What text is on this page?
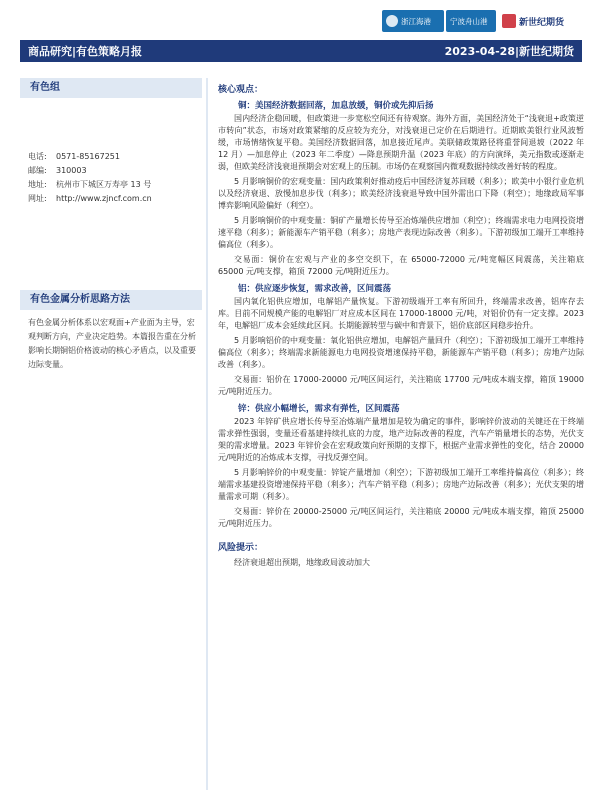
浙江海港	宁波舟山港	新世纪期货
商品研究|有色策略月报	2023-04-28|新世纪期货
有色组
电话:	0571-85167251
邮编:	310003
地址:	杭州市下城区万寿亭 13 号
网址:	http://www.zjncf.com.cn
有色金属分析思路方法

有色金属分析体系以宏观面+产业面为主导，宏观判断方向，产业决定趋势。本篇报告重在分析影响长期铜铝价格波动的核心矛盾点，以及重要边际变量。

核心观点：
铜：美国经济数据回落，加息放缓，铜价或先抑后扬

国内经济企稳回暖，但政策进一步宽松空间还有待观察。海外方面，美国经济处于“浅衰退+政策逆市转向”状态，市场对政策紧缩的反应较为充分，对浅衰退已定价在后期进行。近期欧美银行业风波暂缓，市场情绪恢复平稳。美国经济数据回落，加息接近尾声。美联储政策路径将重誉间退坡（2022 年 12 月）—加息停止（2023 年二季度）—降息预期升温（2023 年底）的方向演绎，美元指数或逐渐走弱，但欧美经济浅衰退预期会对宏观上的压制。市场仍在观察国内微观数据持续改善好转的程度。

5 月影响铜价的宏观变量：国内政策利好推动疫后中国经济复苏回暖（利多）；欧美中小银行业危机以及经济衰退、放慢加息步伐（利多）；欧美经济浅衰退导致中国外需出口下降（利空）；地缘政局军事博弈影响风险偏好（利空）。

5 月影响铜价的中观变量：铜矿产量增长传导至冶炼端供应增加（利空）；终端需求电力电网投资增速平稳（利多）；新能源车产销平稳（利多）；房地产表现边际改善（利多）。下游初级加工端开工率维持偏高位（利多）。

交易面：铜价在宏观与产业的多空交织下，在 65000-72000 元/吨宽幅区间震荡，关注箱底 65000 元/吨支撑，箱顶 72000 元/吨附近压力。

铝：供应逐步恢复，需求改善，区间震荡

国内氧化铝供应增加，电解铝产量恢复。下游初级端开工率有所回升，终端需求改善，铝库存去库。目前不同规模产能的电解铝厂对应成本区间在 17000-18000 元/吨，对铝价仍有一定支撑。2023 年，电解铝厂成本会延续此区间。长期能源转型与碳中和背景下，铝价底部区间稳步抬升。

5 月影响铝价的中观变量：氧化铝供应增加，电解铝产量回升（利空）；下游初级加工端开工率维持偏高位（利多）；终端需求新能源电力电网投资增速保持平稳，新能源车产销平稳（利多）；房地产边际改善（利多）。

交易面：铝价在 17000-20000 元/吨区间运行，关注箱底 17700 元/吨成本端支撑，箱顶 19000 元/吨附近压力。

锌：供应小幅增长，需求有弹性，区间震荡

2023 年锌矿供应增长传导至冶炼端产量增加是较为确定的事件，影响锌价波动的关键还在于终端需求弹性强弱，变量还看基建持续扎底的力度，地产边际改善的程度，汽车产销量增长的态势，光伏支架的需求增量。2023 年锌价会在宏观政策向好预期的支撑下，根据产业需求弹性的变化，结合 20000 元/吨附近的冶炼成本支撑，寻找反弹空间。

5 月影响锌价的中观变量：锌锭产量增加（利空）；下游初级加工端开工率维持偏高位（利多）；终端需求基建投资增速保持平稳（利多）；汽车产销平稳（利多）；房地产边际改善（利多）；光伏支架的增量需求可期（利多）。

交易面：锌价在 20000-25000 元/吨区间运行，关注箱底 20000 元/吨成本端支撑，箱顶 25000 元/吨附近压力。

风险提示：

经济衰退超出预期，地缘政局波动加大
